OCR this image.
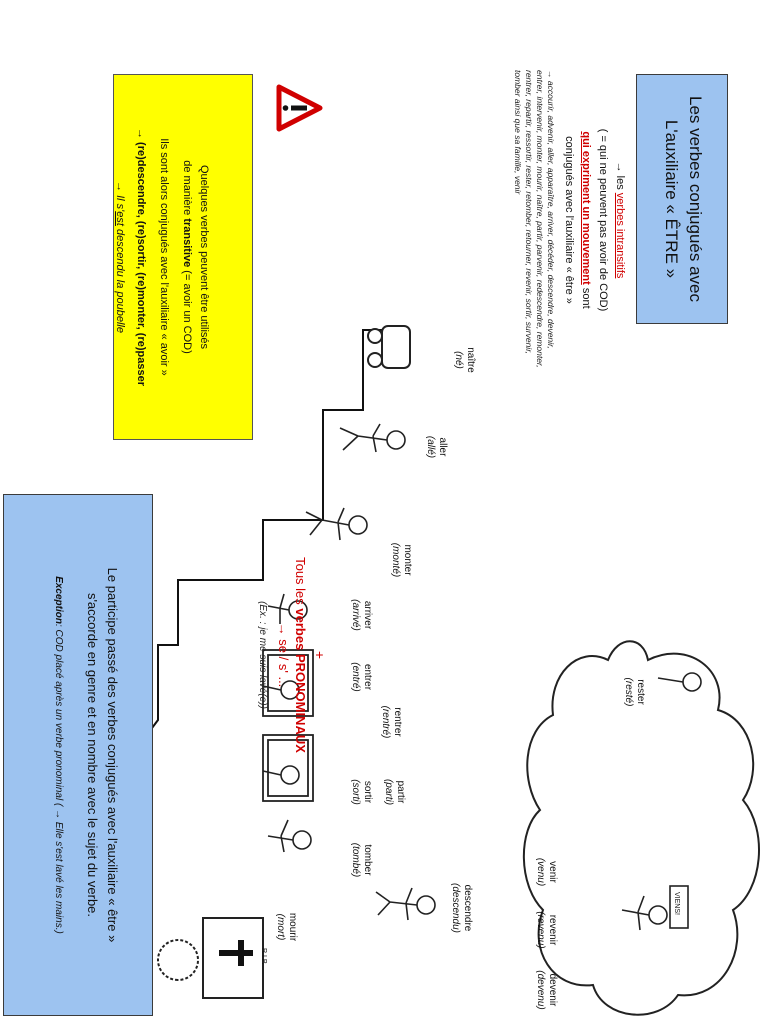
Les verbes conjugués avec
L'auxiliaire « ÊTRE »
→ les verbes intransitifs
( = qui ne peuvent pas avoir de COD)
qui expriment un mouvement sont
conjugués avec l'auxiliaire « être »
→ accourir, advenir, aller, apparaître, arriver, décéder, descendre, devenir, entrer, intervenir, monter, mourir, naître, partir, parvenir, redescendre, remonter, rentrer, repartir, ressortir, rester, retomber, retourner, revenir, sortir, survenir, tomber ainsi que sa famille, venir
Quelques verbes peuvent être utilisés
de manière transitive (= avoir un COD)
Ils sont alors conjugués avec l'auxiliaire « avoir »
→ (re)descendre, (re)sortir, (re)monter, (re)passer
→ Il s'est descendu la poubelle
R.I.P.
VIENS!
naître
(né)
aller
(allé)
monter
(monté)
arriver
(arrivé)
entrer
(entré)
rentrer
(rentré)
sortir
(sorti)	partir
(parti)
tomber
(tombé)
mourir
(mort)
rester
(resté)
descendre
(descendu)
venir
(venu)
revenir
(revenu)
devenir
(devenu)
+
Tous les verbes PRONOMINAUX
→ se / s' ...
(Ex. : je me suis lavé(e))
Le participe passé des verbes conjugués avec l'auxiliaire « être »
s'accorde en genre et en nombre avec le sujet du verbe.
Exception: COD placé après un verbe pronominal ( → Elle s'est lavé les mains.)
